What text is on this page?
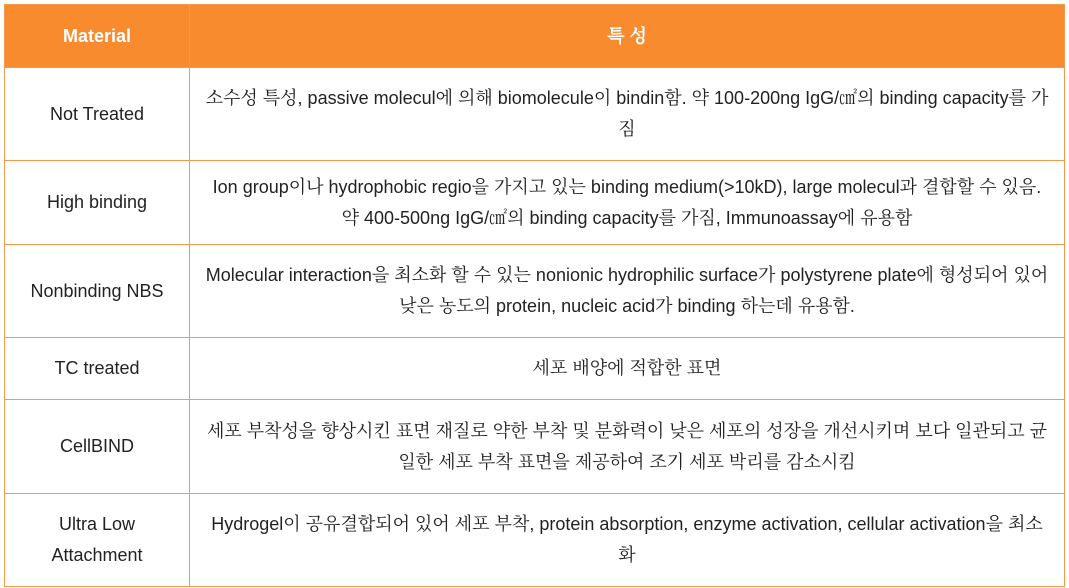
Material	특 성
Not Treated	소수성 특성, passive molecul에 의해 biomolecule이 bindin함. 약 100-200ng IgG/㎠의 binding capacity를 가짐
High binding	Ion group이나 hydrophobic regio을 가지고 있는 binding medium(>10kD), large molecul과 결합할 수 있음. 약 400-500ng IgG/㎠의 binding capacity를 가짐, Immunoassay에 유용함
Nonbinding NBS	Molecular interaction을 최소화 할 수 있는 nonionic hydrophilic surface가 polystyrene plate에 형성되어 있어 낮은 농도의 protein, nucleic acid가 binding 하는데 유용함.
TC treated	세포 배양에 적합한 표면
CellBIND	세포 부착성을 향상시킨 표면 재질로 약한 부착 및 분화력이 낮은 세포의 성장을 개선시키며 보다 일관되고 균일한 세포 부착 표면을 제공하여 조기 세포 박리를 감소시킴
Ultra Low Attachment	Hydrogel이 공유결합되어 있어 세포 부착, protein absorption, enzyme activation, cellular activation을 최소화
